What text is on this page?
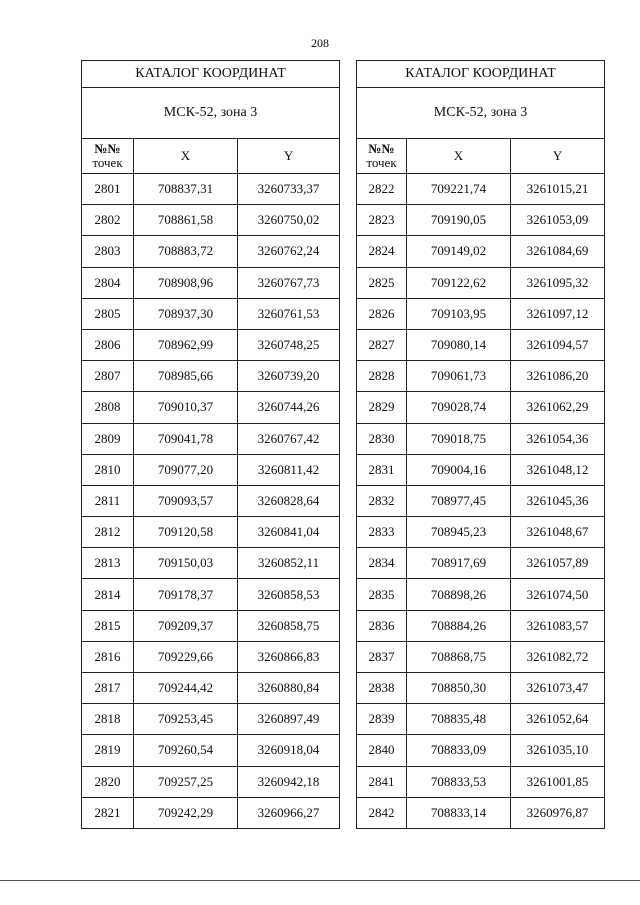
208
КАТАЛОГ КООРДИНАТ		
МСК-52, зона 3		

№№
точек	X	Y
2801	708837,31	3260733,37
2802	708861,58	3260750,02
2803	708883,72	3260762,24
2804	708908,96	3260767,73
2805	708937,30	3260761,53
2806	708962,99	3260748,25
2807	708985,66	3260739,20
2808	709010,37	3260744,26
2809	709041,78	3260767,42
2810	709077,20	3260811,42
2811	709093,57	3260828,64
2812	709120,58	3260841,04
2813	709150,03	3260852,11
2814	709178,37	3260858,53
2815	709209,37	3260858,75
2816	709229,66	3260866,83
2817	709244,42	3260880,84
2818	709253,45	3260897,49
2819	709260,54	3260918,04
2820	709257,25	3260942,18
2821	709242,29	3260966,27
КАТАЛОГ КООРДИНАТ		
МСК-52, зона 3		

№№
точек	X	Y
2822	709221,74	3261015,21
2823	709190,05	3261053,09
2824	709149,02	3261084,69
2825	709122,62	3261095,32
2826	709103,95	3261097,12
2827	709080,14	3261094,57
2828	709061,73	3261086,20
2829	709028,74	3261062,29
2830	709018,75	3261054,36
2831	709004,16	3261048,12
2832	708977,45	3261045,36
2833	708945,23	3261048,67
2834	708917,69	3261057,89
2835	708898,26	3261074,50
2836	708884,26	3261083,57
2837	708868,75	3261082,72
2838	708850,30	3261073,47
2839	708835,48	3261052,64
2840	708833,09	3261035,10
2841	708833,53	3261001,85
2842	708833,14	3260976,87
